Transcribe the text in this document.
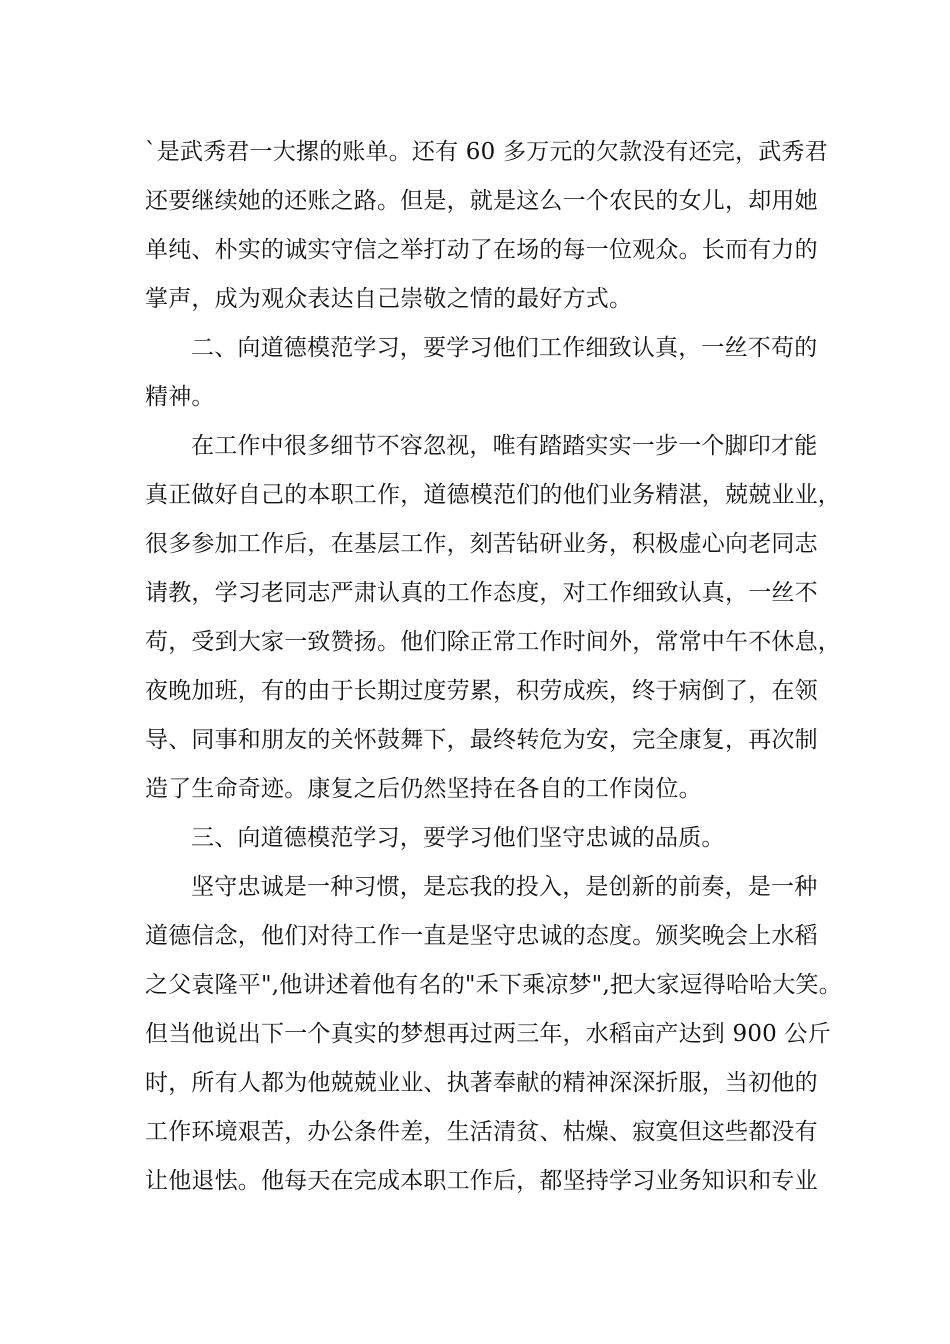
`是武秀君一大摞的账单。还有 60 多万元的欠款没有还完，武秀君
还要继续她的还账之路。但是，就是这么一个农民的女儿，却用她
单纯、朴实的诚实守信之举打动了在场的每一位观众。长而有力的
掌声，成为观众表达自己崇敬之情的最好方式。
二、向道德模范学习，要学习他们工作细致认真，一丝不苟的
精神。
在工作中很多细节不容忽视，唯有踏踏实实一步一个脚印才能
真正做好自己的本职工作，道德模范们的他们业务精湛，兢兢业业，
很多参加工作后，在基层工作，刻苦钻研业务，积极虚心向老同志
请教，学习老同志严肃认真的工作态度，对工作细致认真，一丝不
苟，受到大家一致赞扬。他们除正常工作时间外，常常中午不休息，
夜晚加班，有的由于长期过度劳累，积劳成疾，终于病倒了，在领
导、同事和朋友的关怀鼓舞下，最终转危为安，完全康复，再次制
造了生命奇迹。康复之后仍然坚持在各自的工作岗位。
三、向道德模范学习，要学习他们坚守忠诚的品质。
坚守忠诚是一种习惯，是忘我的投入，是创新的前奏，是一种
道德信念，他们对待工作一直是坚守忠诚的态度。颁奖晚会上水稻
之父袁隆平",他讲述着他有名的"禾下乘凉梦",把大家逗得哈哈大笑。
但当他说出下一个真实的梦想再过两三年，水稻亩产达到 900 公斤
时，所有人都为他兢兢业业、执著奉献的精神深深折服，当初他的
工作环境艰苦，办公条件差，生活清贫、枯燥、寂寞但这些都没有
让他退怯。他每天在完成本职工作后，都坚持学习业务知识和专业
